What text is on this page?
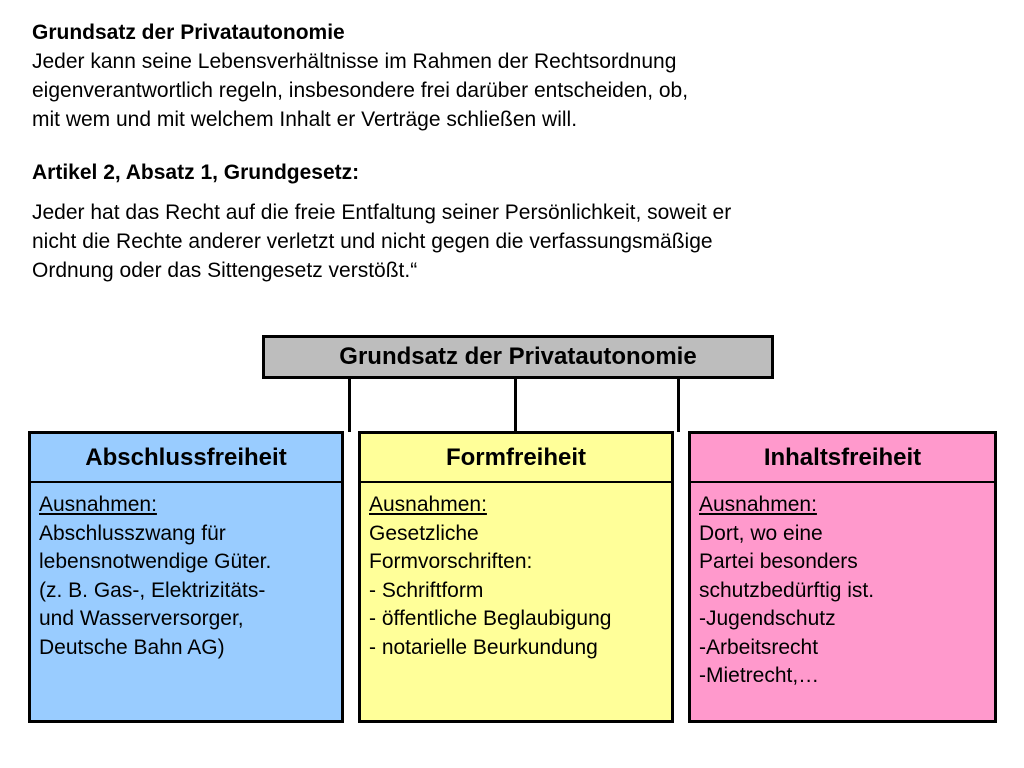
Grundsatz der Privatautonomie
Jeder kann seine Lebensverhältnisse im Rahmen der Rechtsordnung
eigenverantwortlich regeln, insbesondere frei darüber entscheiden, ob,
mit wem und mit welchem Inhalt er Verträge schließen will.
Artikel 2, Absatz 1, Grundgesetz:
Jeder hat das Recht auf die freie Entfaltung seiner Persönlichkeit, soweit er
nicht die Rechte anderer verletzt und nicht gegen die verfassungsmäßige
Ordnung oder das Sittengesetz verstößt.“
Grundsatz der Privatautonomie
Abschlussfreiheit
Ausnahmen:
Abschlusszwang für
lebensnotwendige Güter.
(z. B. Gas-, Elektrizitäts-
und Wasserversorger,
Deutsche Bahn AG)
Formfreiheit
Ausnahmen:
Gesetzliche
Formvorschriften:
- Schriftform
- öffentliche Beglaubigung
- notarielle Beurkundung
Inhaltsfreiheit
Ausnahmen:
Dort, wo eine
Partei besonders
schutzbedürftig ist.
-Jugendschutz
-Arbeitsrecht
-Mietrecht,…
